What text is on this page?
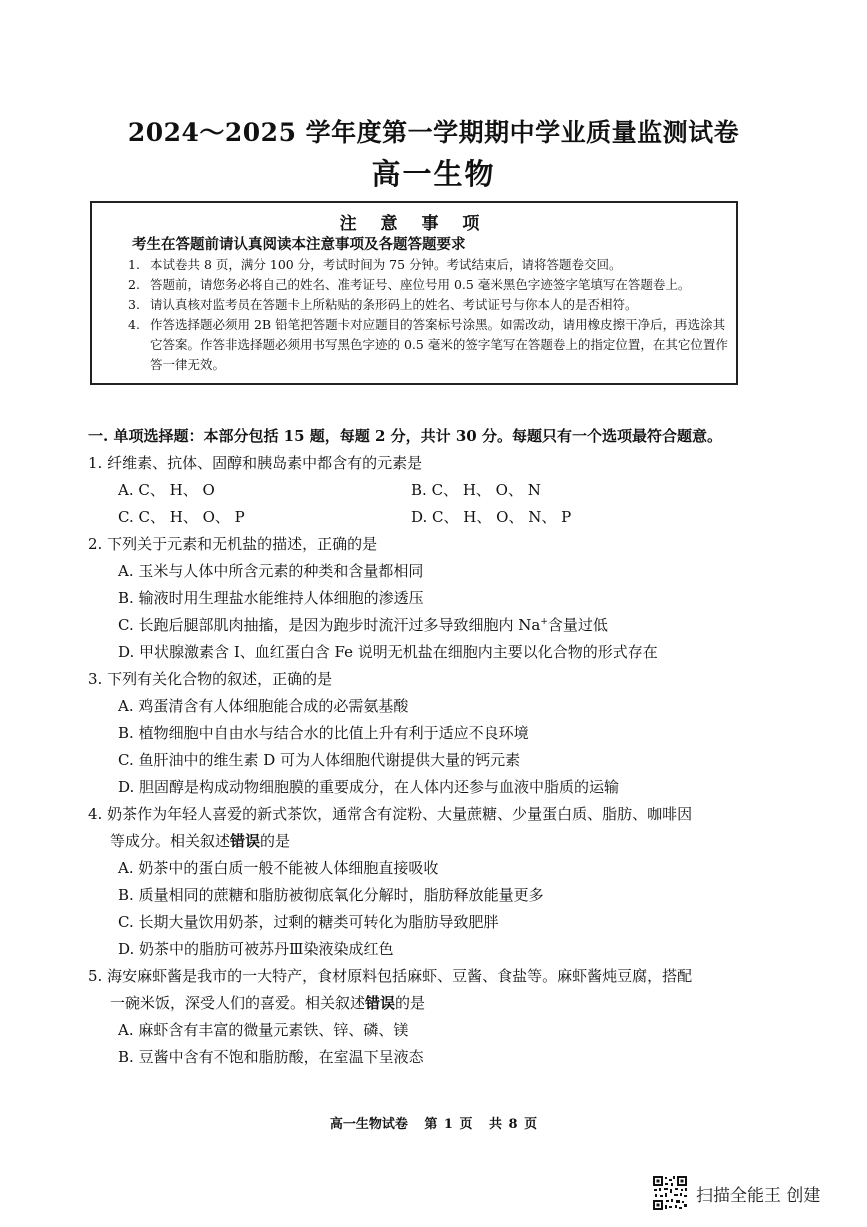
2024～2025 学年度第一学期期中学业质量监测试卷
高一生物
注 意 事 项
考生在答题前请认真阅读本注意事项及各题答题要求
1. 本试卷共 8 页，满分 100 分，考试时间为 75 分钟。考试结束后，请将答题卷交回。
2. 答题前，请您务必将自己的姓名、准考证号、座位号用 0.5 毫米黑色字迹签字笔填写在答题卷上。
3. 请认真核对监考员在答题卡上所粘贴的条形码上的姓名、考试证号与你本人的是否相符。
4. 作答选择题必须用 2B 铅笔把答题卡对应题目的答案标号涂黑。如需改动，请用橡皮擦干净后，再选涂其它答案。作答非选择题必须用书写黑色字迹的 0.5 毫米的签字笔写在答题卷上的指定位置，在其它位置作答一律无效。
一. 单项选择题：本部分包括 15 题，每题 2 分，共计 30 分。每题只有一个选项最符合题意。
1. 纤维素、抗体、固醇和胰岛素中都含有的元素是
A. C、 H、 O	B. C、 H、 O、 N
C. C、 H、 O、 P	D. C、 H、 O、 N、 P
2. 下列关于元素和无机盐的描述，正确的是
A. 玉米与人体中所含元素的种类和含量都相同
B. 输液时用生理盐水能维持人体细胞的渗透压
C. 长跑后腿部肌肉抽搐，是因为跑步时流汗过多导致细胞内 Na+含量过低
D. 甲状腺激素含 I、血红蛋白含 Fe 说明无机盐在细胞内主要以化合物的形式存在
3. 下列有关化合物的叙述，正确的是
A. 鸡蛋清含有人体细胞能合成的必需氨基酸
B. 植物细胞中自由水与结合水的比值上升有利于适应不良环境
C. 鱼肝油中的维生素 D 可为人体细胞代谢提供大量的钙元素
D. 胆固醇是构成动物细胞膜的重要成分，在人体内还参与血液中脂质的运输
4. 奶茶作为年轻人喜爱的新式茶饮，通常含有淀粉、大量蔗糖、少量蛋白质、脂肪、咖啡因
等成分。相关叙述错误的是
A. 奶茶中的蛋白质一般不能被人体细胞直接吸收
B. 质量相同的蔗糖和脂肪被彻底氧化分解时，脂肪释放能量更多
C. 长期大量饮用奶茶，过剩的糖类可转化为脂肪导致肥胖
D. 奶茶中的脂肪可被苏丹Ⅲ染液染成红色
5. 海安麻虾酱是我市的一大特产，食材原料包括麻虾、豆酱、食盐等。麻虾酱炖豆腐，搭配
一碗米饭，深受人们的喜爱。相关叙述错误的是
A. 麻虾含有丰富的微量元素铁、锌、磷、镁
B. 豆酱中含有不饱和脂肪酸，在室温下呈液态
高一生物试卷 第 1 页 共 8 页
扫描全能王 创建
